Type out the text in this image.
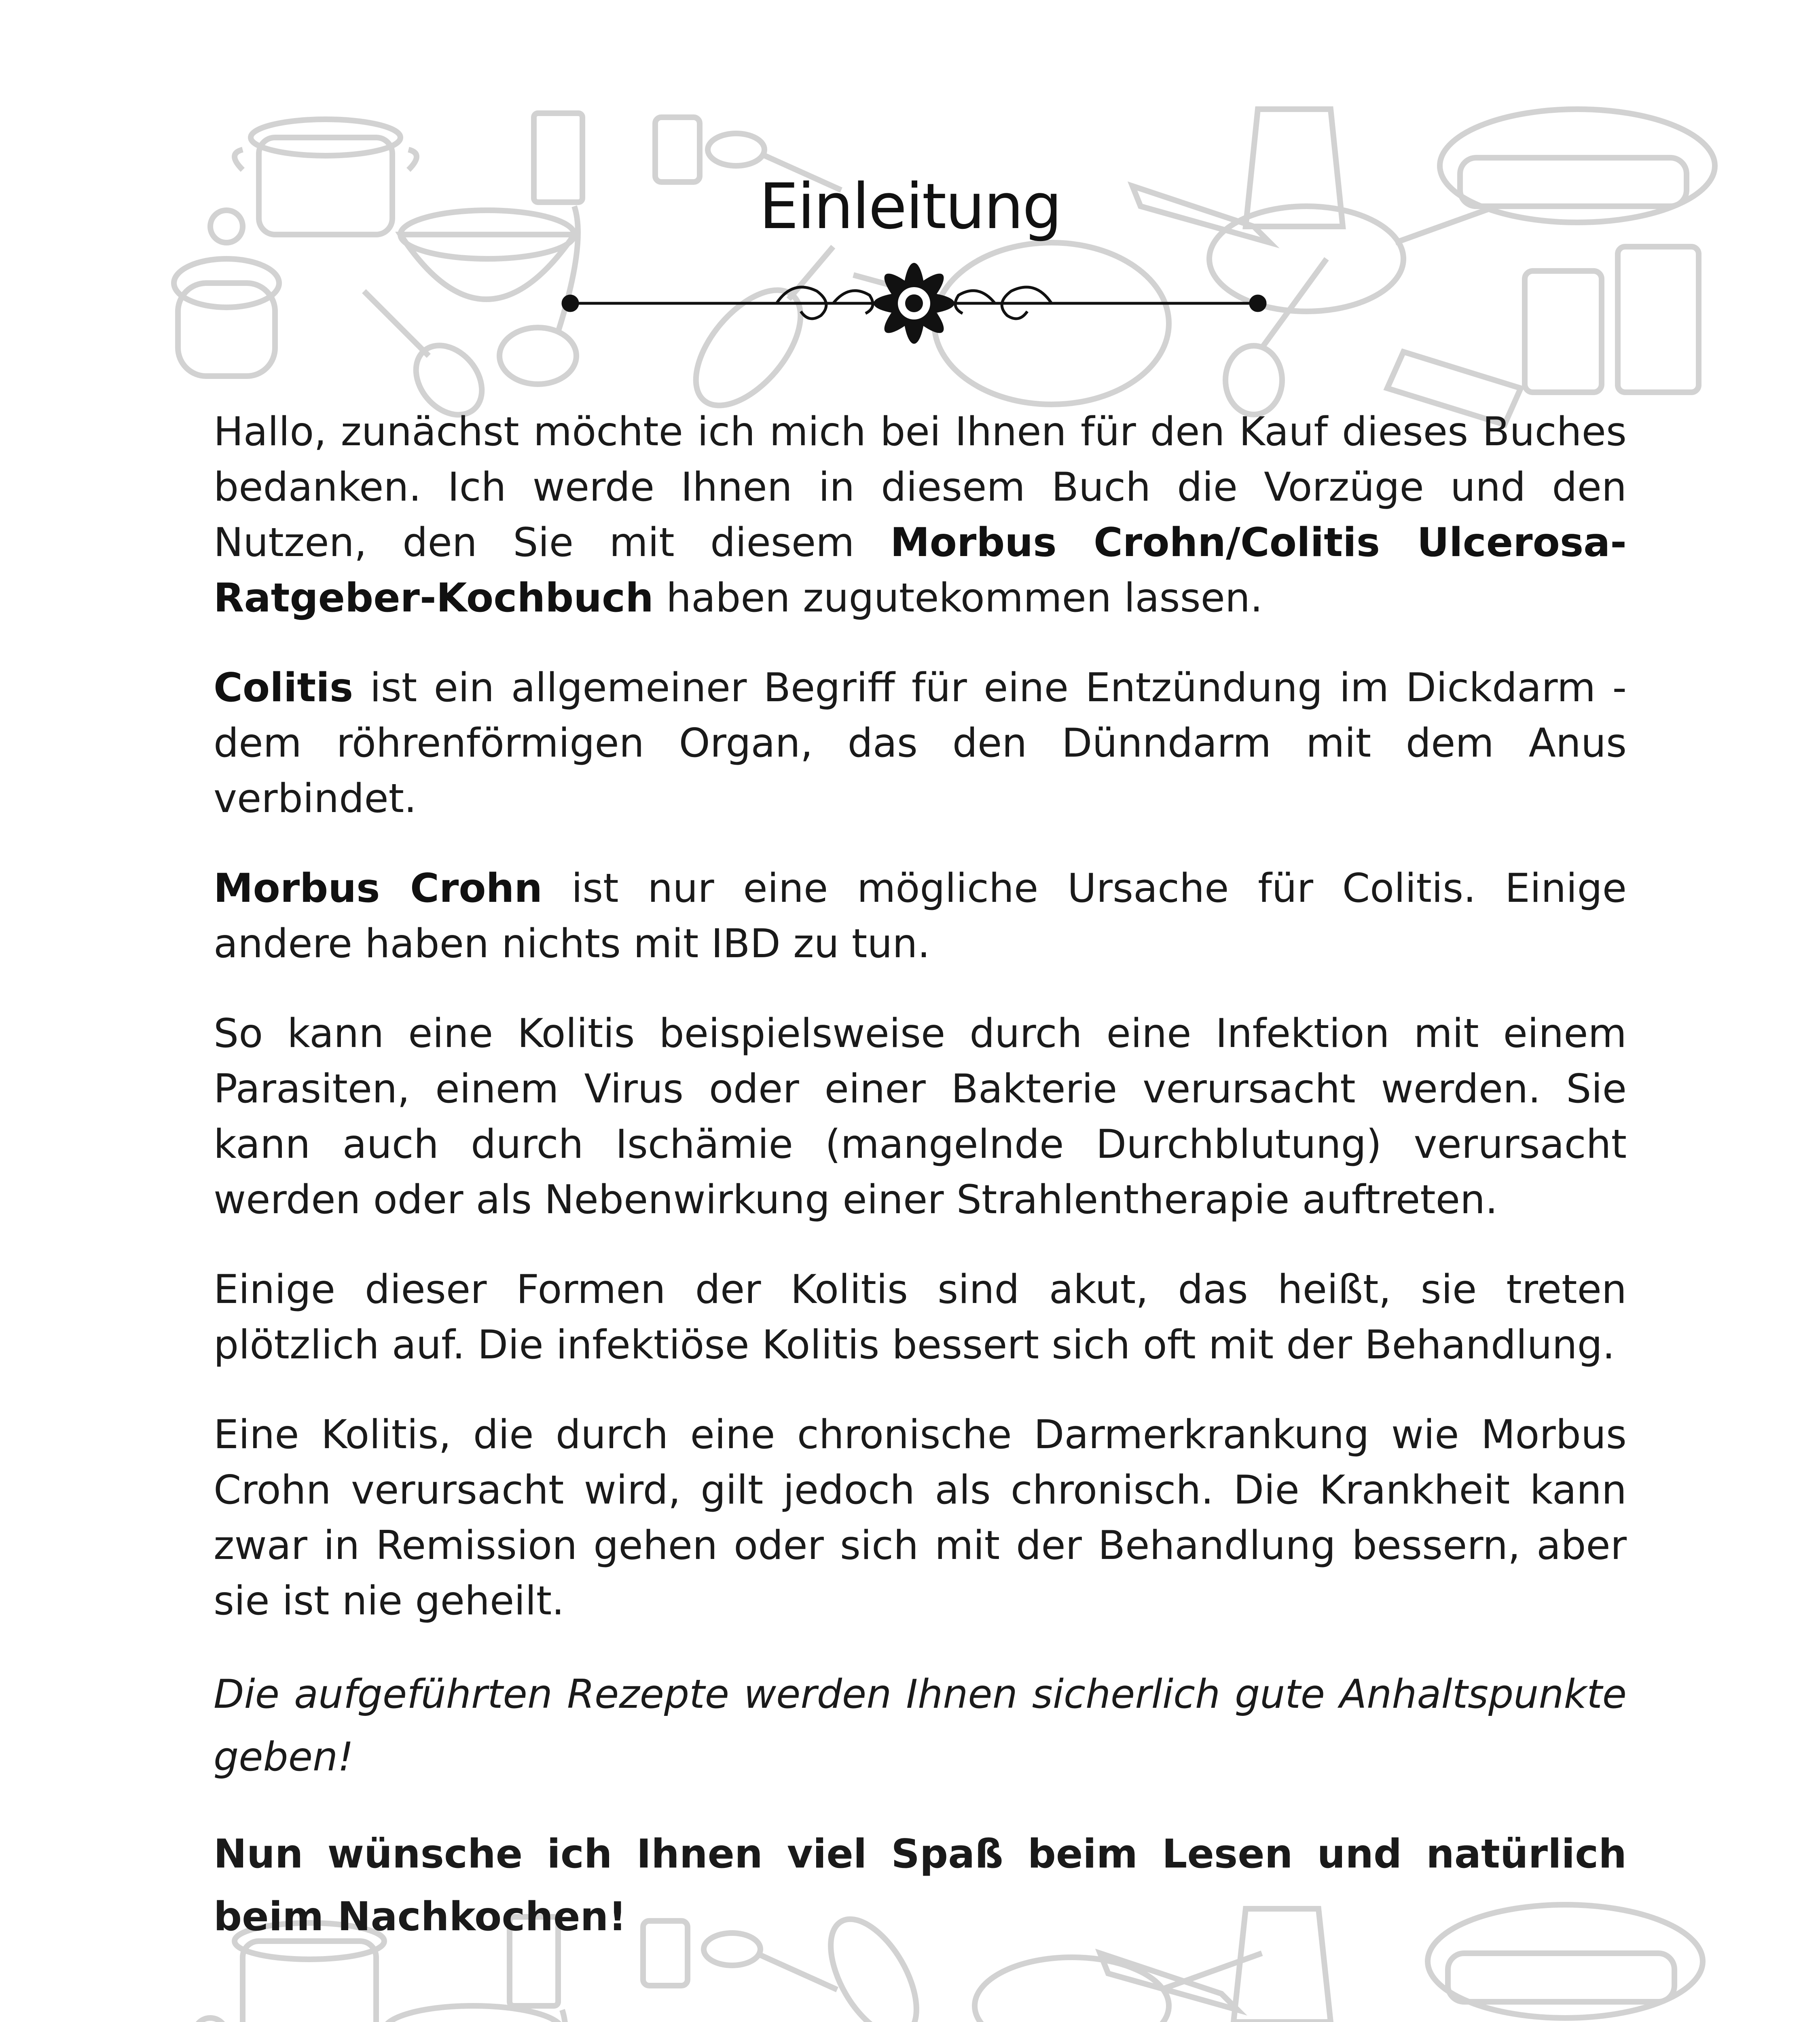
Einleitung

Hallo, zunächst möchte ich mich bei Ihnen für den Kauf dieses Buches bedanken. Ich werde Ihnen in diesem Buch die Vorzüge und den Nutzen, den Sie mit diesem Morbus Crohn/Colitis Ulcerosa-Ratgeber-Kochbuch haben zugutekommen lassen.

Colitis ist ein allgemeiner Begriff für eine Entzündung im Dickdarm - dem röhrenförmigen Organ, das den Dünndarm mit dem Anus verbindet.

Morbus Crohn ist nur eine mögliche Ursache für Colitis. Einige andere haben nichts mit IBD zu tun.

So kann eine Kolitis beispielsweise durch eine Infektion mit einem Parasiten, einem Virus oder einer Bakterie verursacht werden. Sie kann auch durch Ischämie (mangelnde Durchblutung) verursacht werden oder als Nebenwirkung einer Strahlentherapie auftreten.

Einige dieser Formen der Kolitis sind akut, das heißt, sie treten plötzlich auf. Die infektiöse Kolitis bessert sich oft mit der Behandlung.

Eine Kolitis, die durch eine chronische Darmerkrankung wie Morbus Crohn verursacht wird, gilt jedoch als chronisch. Die Krankheit kann zwar in Remission gehen oder sich mit der Behandlung bessern, aber sie ist nie geheilt.

Die aufgeführten Rezepte werden Ihnen sicherlich gute Anhaltspunkte geben!

Nun wünsche ich Ihnen viel Spaß beim Lesen und natürlich beim Nachkochen!
